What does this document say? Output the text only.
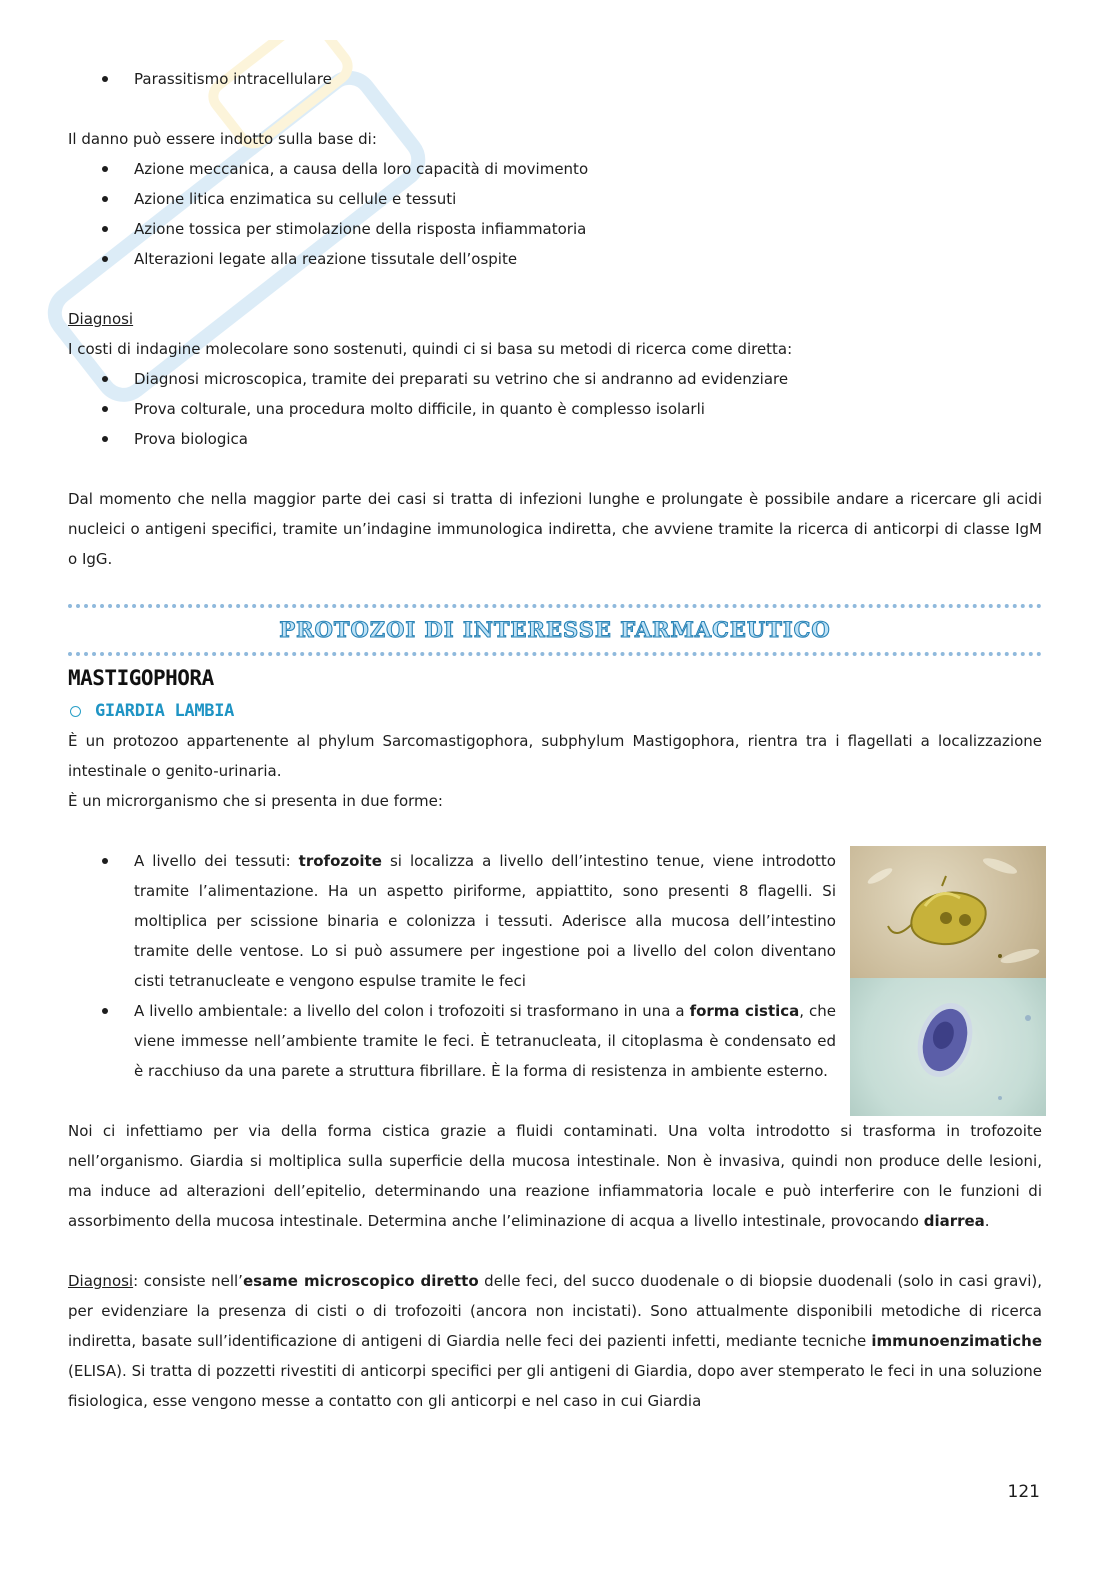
Parassitismo intracellulare

Il danno può essere indotto sulla base di:

Azione meccanica, a causa della loro capacità di movimento
Azione litica enzimatica su cellule e tessuti
Azione tossica per stimolazione della risposta infiammatoria
Alterazioni legate alla reazione tissutale dell’ospite

Diagnosi

I costi di indagine molecolare sono sostenuti, quindi ci si basa su metodi di ricerca come diretta:

Diagnosi microscopica, tramite dei preparati su vetrino che si andranno ad evidenziare
Prova colturale, una procedura molto difficile, in quanto è complesso isolarli
Prova biologica

Dal momento che nella maggior parte dei casi si tratta di infezioni lunghe e prolungate è possibile andare a ricercare gli acidi nucleici o antigeni specifici, tramite un’indagine immunologica indiretta, che avviene tramite la ricerca di anticorpi di classe IgM o IgG.

PROTOZOI DI INTERESSE FARMACEUTICO

MASTIGOPHORA

GIARDIA LAMBIA

È un protozoo appartenente al phylum Sarcomastigophora, subphylum Mastigophora, rientra tra i flagellati a localizzazione intestinale o genito-urinaria.

È un microrganismo che si presenta in due forme:

A livello dei tessuti: trofozoite si localizza a livello dell’intestino tenue, viene introdotto tramite l’alimentazione. Ha un aspetto piriforme, appiattito, sono presenti 8 flagelli. Si moltiplica per scissione binaria e colonizza i tessuti. Aderisce alla mucosa dell’intestino tramite delle ventose. Lo si può assumere per ingestione poi a livello del colon diventano cisti tetranucleate e vengono espulse tramite le feci
A livello ambientale: a livello del colon i trofozoiti si trasformano in una a forma cistica, che viene immesse nell’ambiente tramite le feci. È tetranucleata, il citoplasma è condensato ed è racchiuso da una parete a struttura fibrillare. È la forma di resistenza in ambiente esterno.

Noi ci infettiamo per via della forma cistica grazie a fluidi contaminati. Una volta introdotto si trasforma in trofozoite nell’organismo. Giardia si moltiplica sulla superficie della mucosa intestinale. Non è invasiva, quindi non produce delle lesioni, ma induce ad alterazioni dell’epitelio, determinando una reazione infiammatoria locale e può interferire con le funzioni di assorbimento della mucosa intestinale. Determina anche l’eliminazione di acqua a livello intestinale, provocando diarrea.

Diagnosi: consiste nell’esame microscopico diretto delle feci, del succo duodenale o di biopsie duodenali (solo in casi gravi), per evidenziare la presenza di cisti o di trofozoiti (ancora non incistati). Sono attualmente disponibili metodiche di ricerca indiretta, basate sull’identificazione di antigeni di Giardia nelle feci dei pazienti infetti, mediante tecniche immunoenzimatiche (ELISA). Si tratta di pozzetti rivestiti di anticorpi specifici per gli antigeni di Giardia, dopo aver stemperato le feci in una soluzione fisiologica, esse vengono messe a contatto con gli anticorpi e nel caso in cui Giardia

121
